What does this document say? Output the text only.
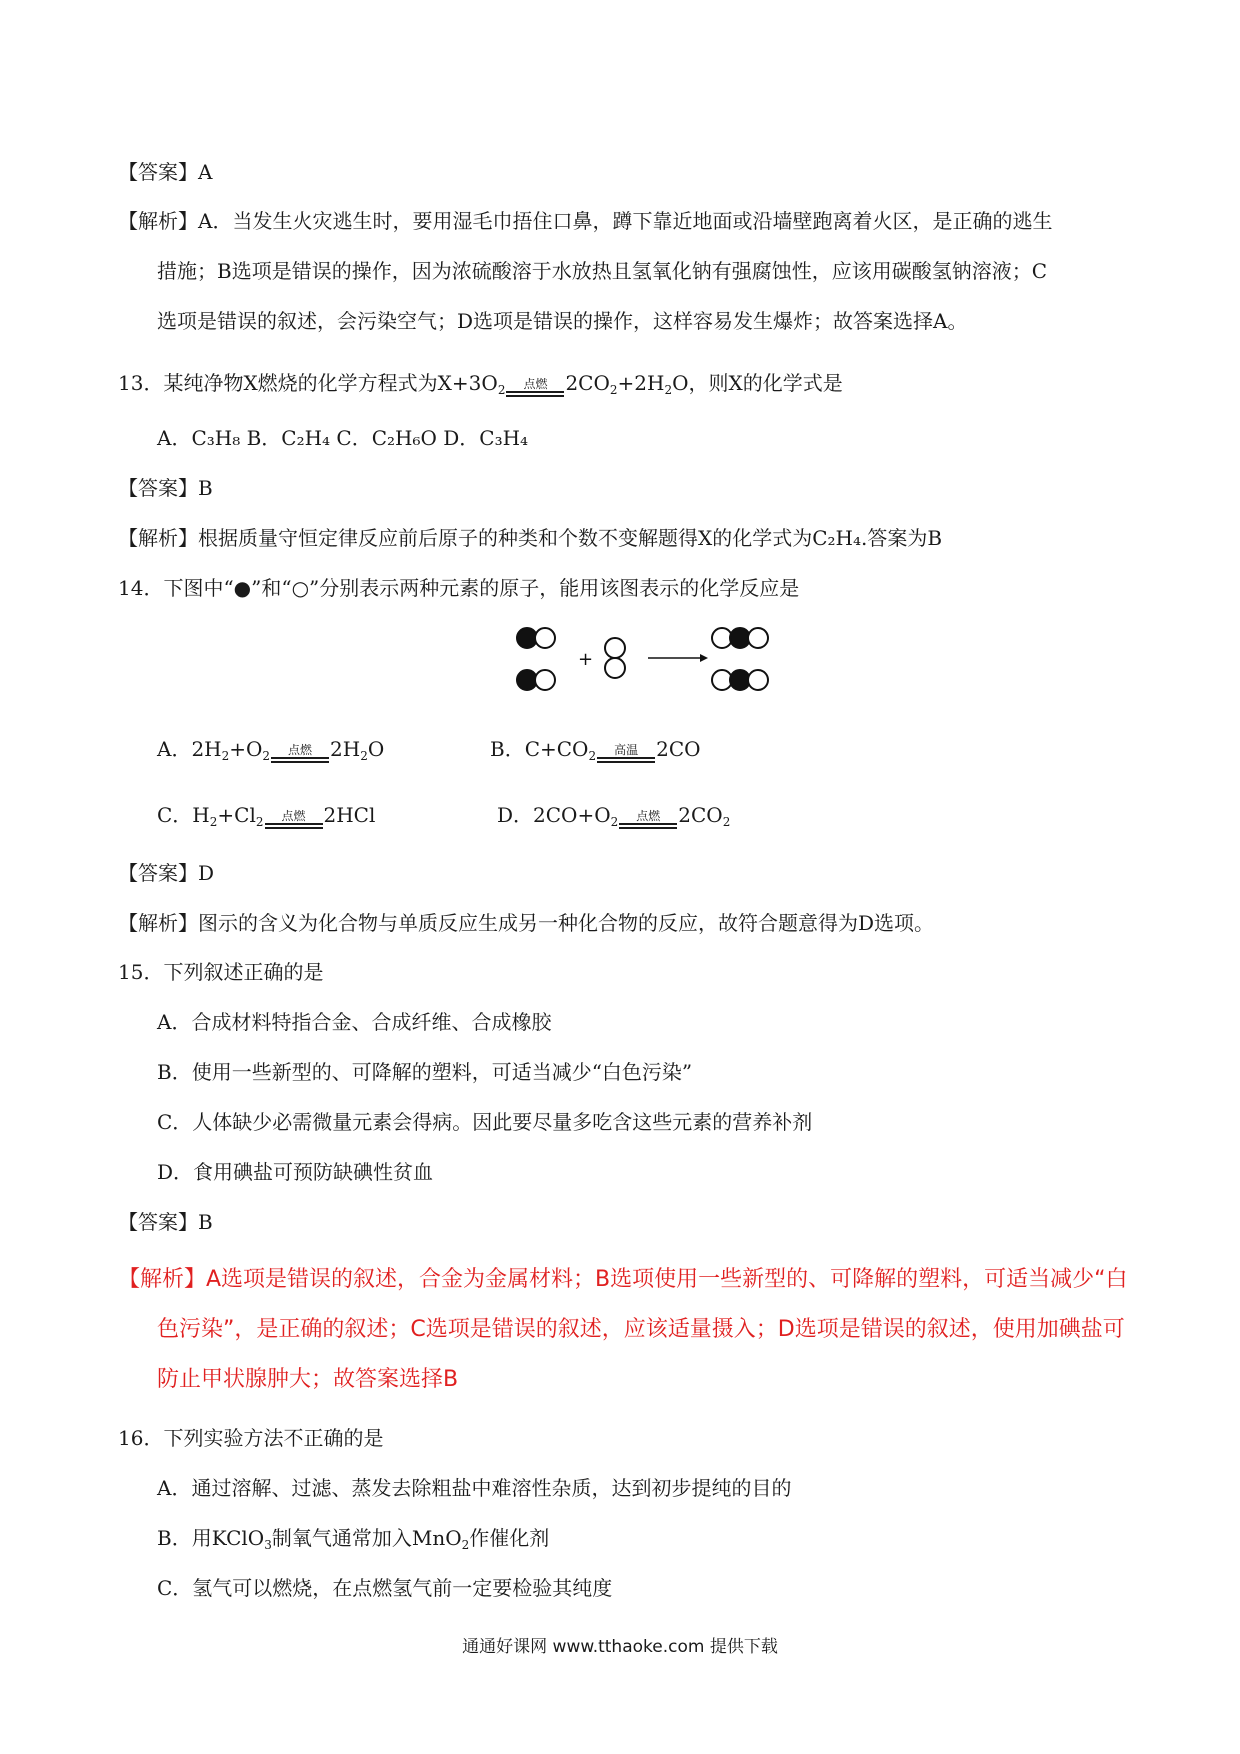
【答案】A
【解析】A．当发生火灾逃生时，要用湿毛巾捂住口鼻，蹲下靠近地面或沿墙壁跑离着火区，是正确的逃生
措施；B选项是错误的操作，因为浓硫酸溶于水放热且氢氧化钠有强腐蚀性，应该用碳酸氢钠溶液；C
选项是错误的叙述，会污染空气；D选项是错误的操作，这样容易发生爆炸；故答案选择A。
13．某纯净物X燃烧的化学方程式为$X+3O_2$ 点燃 $2CO_2+2H_2O$，则X的化学式是
A．C₃H₈ B．C₂H₄ C．C₂H₆O D．C₃H₄
【答案】B
【解析】根据质量守恒定律反应前后原子的种类和个数不变解题得X的化学式为C₂H₄.答案为B
14．下图中“●”和“○”分别表示两种元素的原子，能用该图表示的化学反应是
+
A．$2H_2+O_2$ 点燃 $2H_2O$	B．$C+CO_2$ 高温 2CO
C．$H_2+Cl_2$ 点燃 2HCl	D．$2CO+O_2$ 点燃 $2CO_2$
【答案】D
【解析】图示的含义为化合物与单质反应生成另一种化合物的反应，故符合题意得为D选项。
15．下列叙述正确的是
A．合成材料特指合金、合成纤维、合成橡胶
B．使用一些新型的、可降解的塑料，可适当减少“白色污染”
C．人体缺少必需微量元素会得病。因此要尽量多吃含这些元素的营养补剂
D．食用碘盐可预防缺碘性贫血
【答案】B
【解析】A选项是错误的叙述，合金为金属材料；B选项使用一些新型的、可降解的塑料，可适当减少“白
色污染”，是正确的叙述；C选项是错误的叙述，应该适量摄入；D选项是错误的叙述，使用加碘盐可
防止甲状腺肿大；故答案选择B
16．下列实验方法不正确的是
A．通过溶解、过滤、蒸发去除粗盐中难溶性杂质，达到初步提纯的目的
B．用KClO$_3$制氧气通常加入MnO$_2$作催化剂
C．氢气可以燃烧，在点燃氢气前一定要检验其纯度
通通好课网 www.tthaoke.com 提供下载
